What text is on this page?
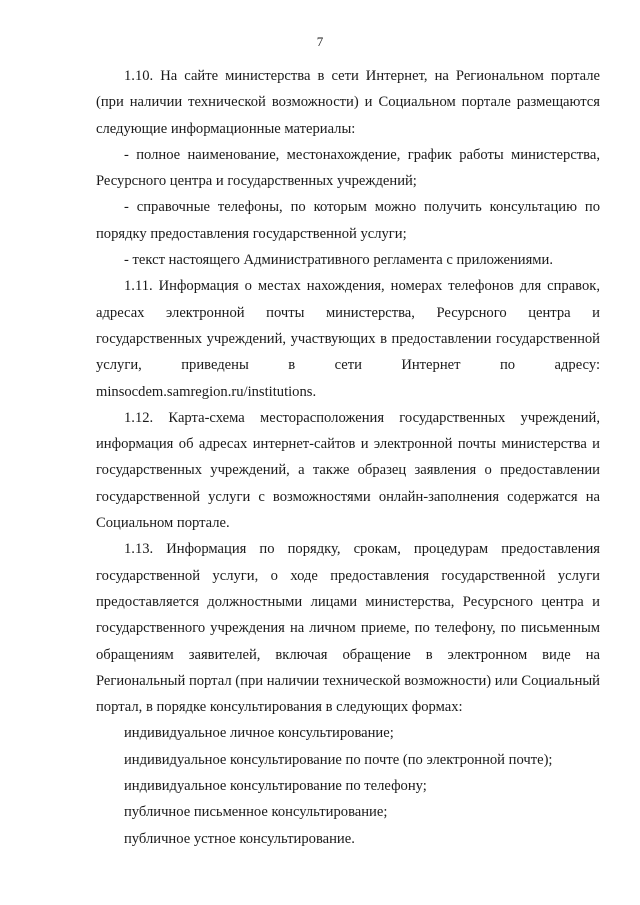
7

1.10. На сайте министерства в сети Интернет, на Региональном портале (при наличии технической возможности) и Социальном портале размещаются следующие информационные материалы:

- полное наименование, местонахождение, график работы министерства, Ресурсного центра и государственных учреждений;

- справочные телефоны, по которым можно получить консультацию по порядку предоставления государственной услуги;

- текст настоящего Административного регламента с приложениями.

1.11. Информация о местах нахождения, номерах телефонов для справок, адресах электронной почты министерства, Ресурсного центра и государственных учреждений, участвующих в предоставлении государственной услуги, приведены в сети Интернет по адресу: minsocdem.samregion.ru/institutions.

1.12. Карта-схема месторасположения государственных учреждений, информация об адресах интернет-сайтов и электронной почты министерства и государственных учреждений, а также образец заявления о предоставлении государственной услуги с возможностями онлайн-заполнения содержатся на Социальном портале.

1.13. Информация по порядку, срокам, процедурам предоставления государственной услуги, о ходе предоставления государственной услуги предоставляется должностными лицами министерства, Ресурсного центра и государственного учреждения на личном приеме, по телефону, по письменным обращениям заявителей, включая обращение в электронном виде на Региональный портал (при наличии технической возможности) или Социальный портал, в порядке консультирования в следующих формах:

индивидуальное личное консультирование;

индивидуальное консультирование по почте (по электронной почте);

индивидуальное консультирование по телефону;

публичное письменное консультирование;

публичное устное консультирование.
